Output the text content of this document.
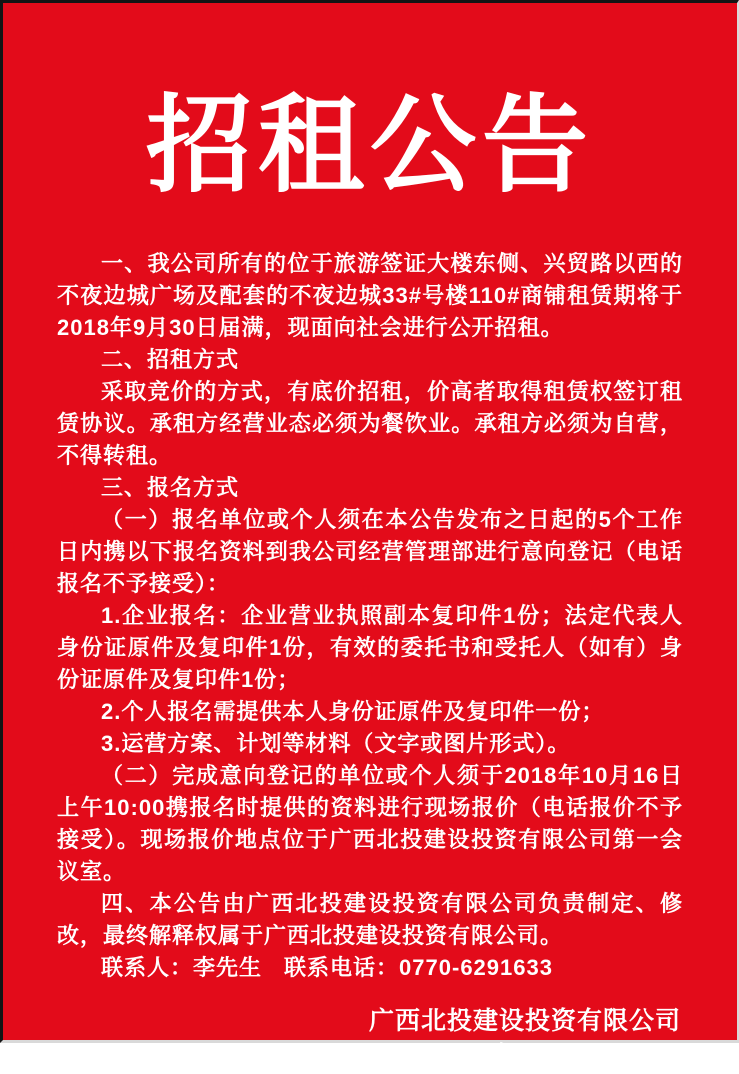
招租公告

一、我公司所有的位于旅游签证大楼东侧、兴贸路以西的不夜边城广场及配套的不夜边城33#号楼110#商铺租赁期将于2018年9月30日届满，现面向社会进行公开招租。

二、招租方式

采取竞价的方式，有底价招租，价高者取得租赁权签订租赁协议。承租方经营业态必须为餐饮业。承租方必须为自营，不得转租。

三、报名方式

（一）报名单位或个人须在本公告发布之日起的5个工作日内携以下报名资料到我公司经营管理部进行意向登记（电话报名不予接受）：

1.企业报名：企业营业执照副本复印件1份；法定代表人身份证原件及复印件1份，有效的委托书和受托人（如有）身份证原件及复印件1份；

2.个人报名需提供本人身份证原件及复印件一份；

3.运营方案、计划等材料（文字或图片形式）。

（二）完成意向登记的单位或个人须于2018年10月16日上午10:00携报名时提供的资料进行现场报价（电话报价不予接受）。现场报价地点位于广西北投建设投资有限公司第一会议室。

四、本公告由广西北投建设投资有限公司负责制定、修改，最终解释权属于广西北投建设投资有限公司。

联系人：李先生 联系电话：0770-6291633

广西北投建设投资有限公司
2018年9月30日
